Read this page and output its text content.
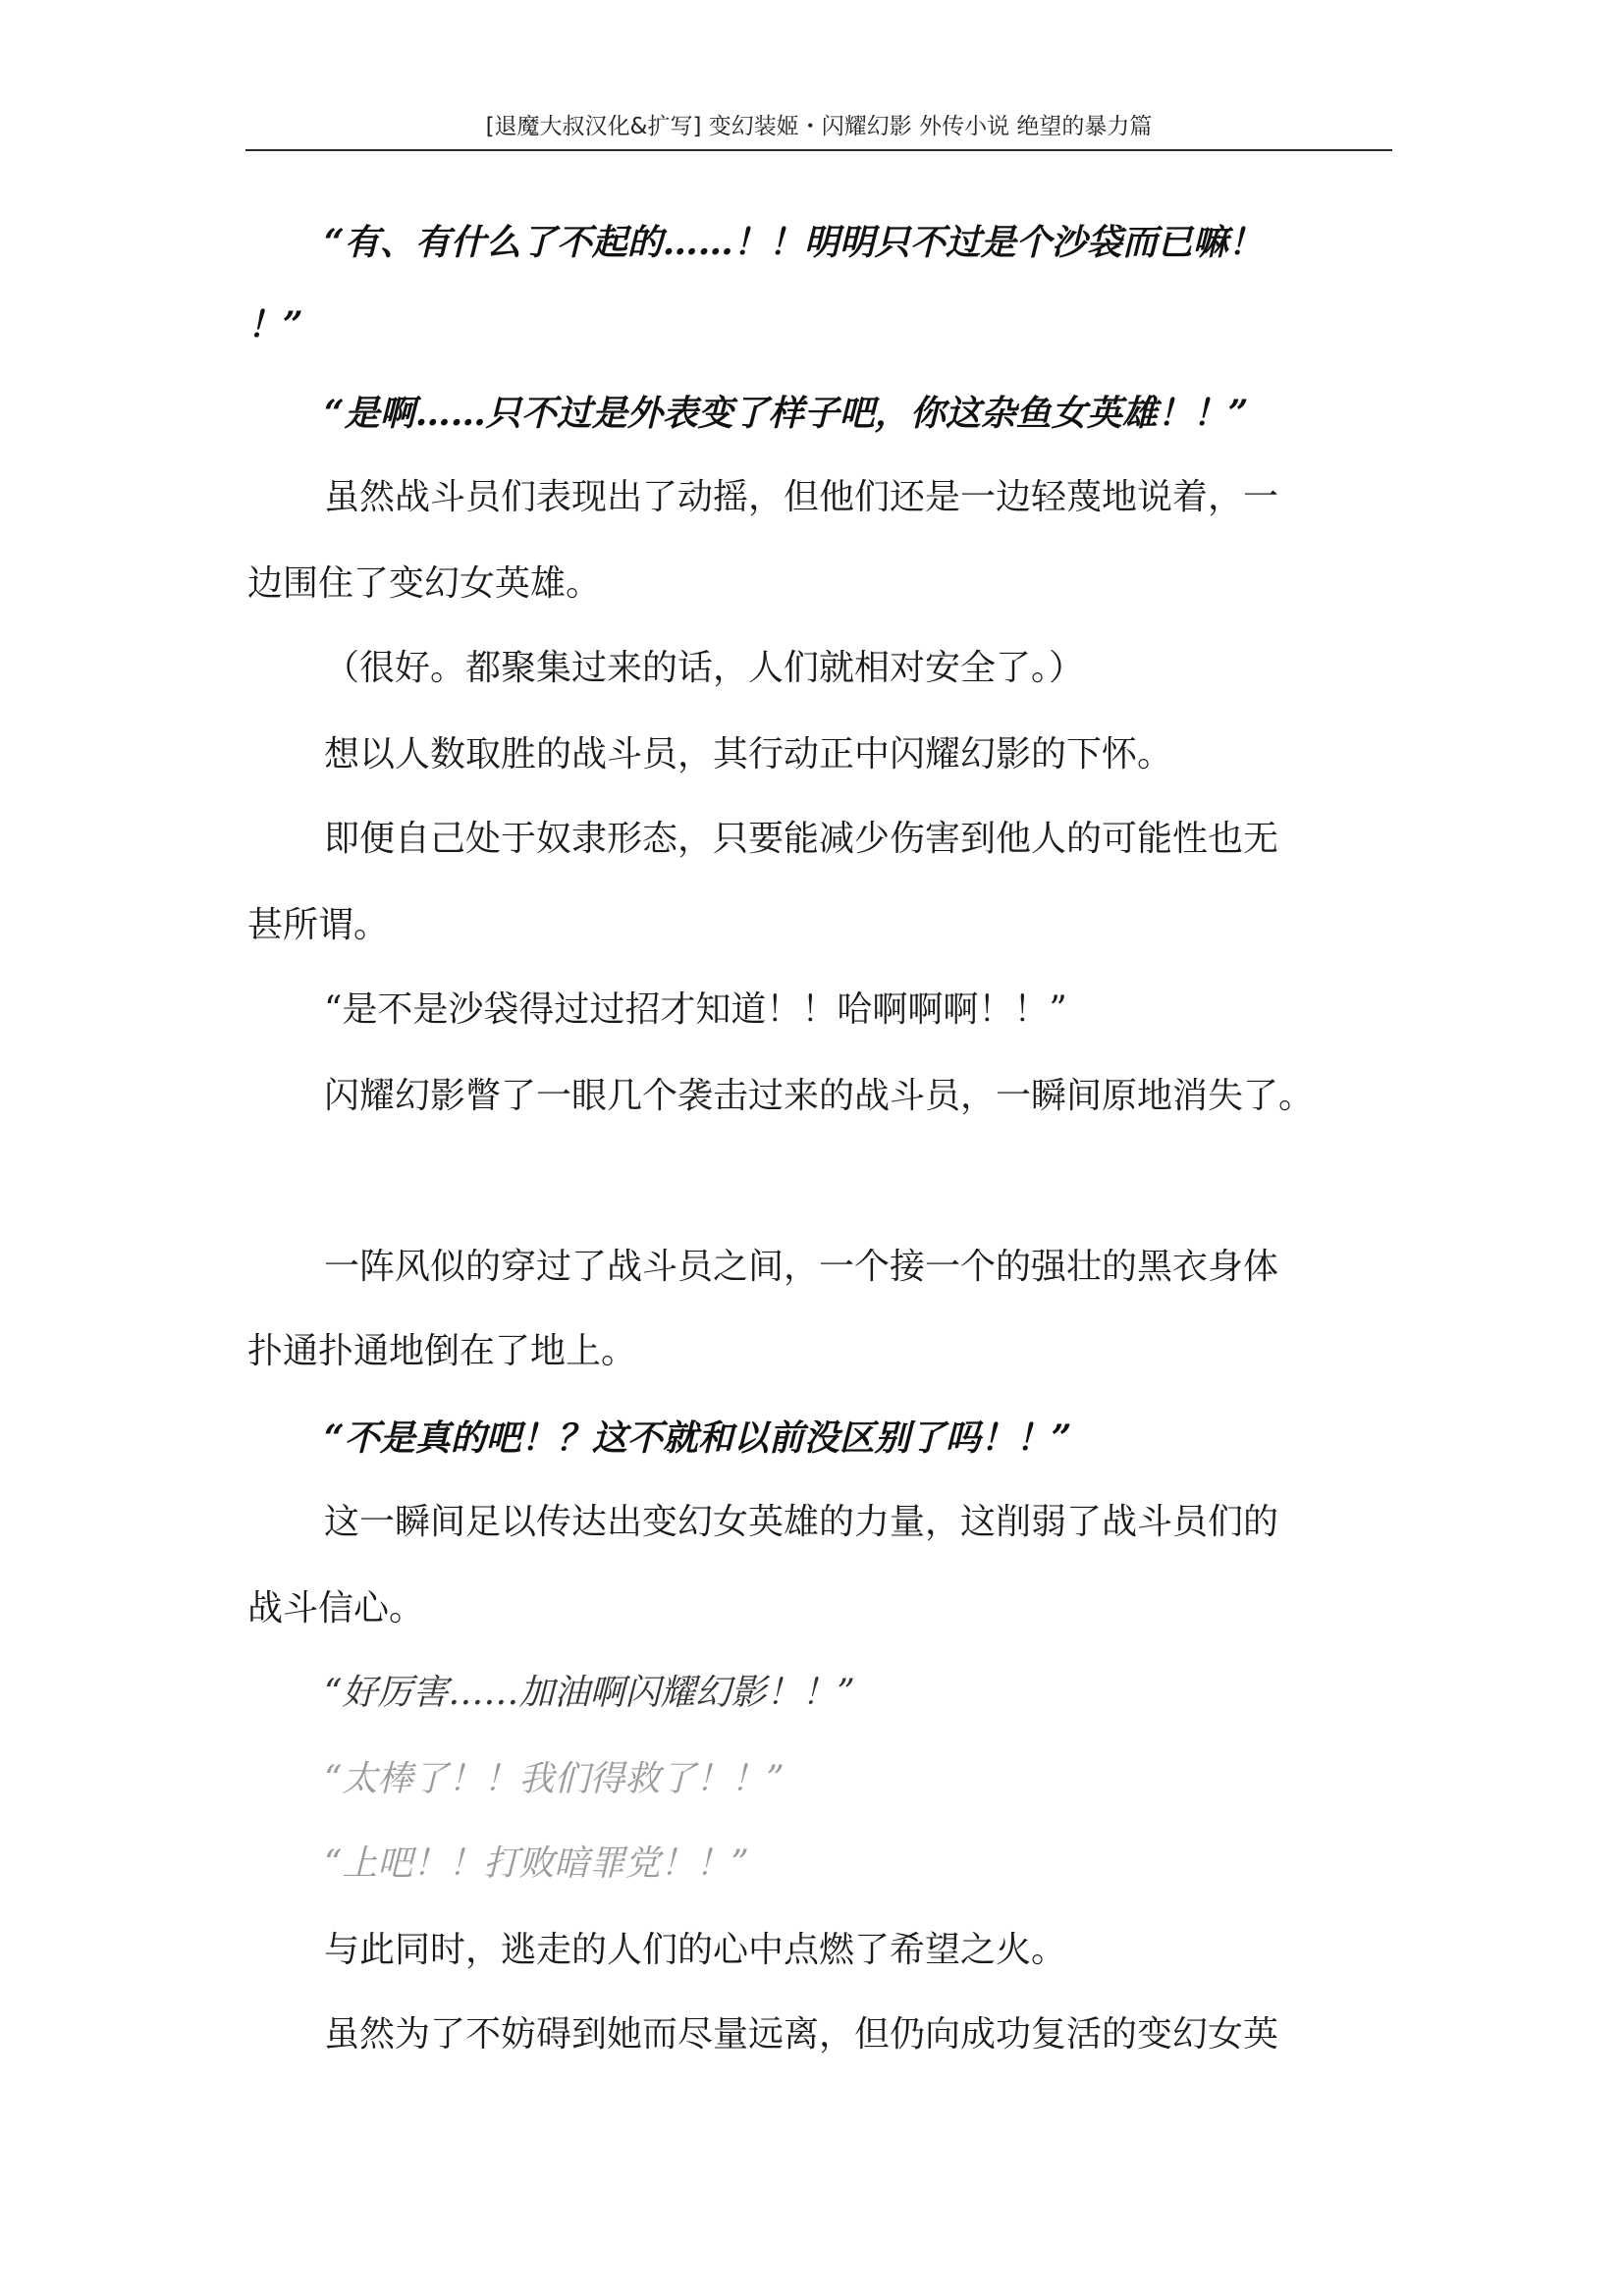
[退魔大叔汉化&扩写] 变幻装姬・闪耀幻影 外传小说 绝望的暴力篇
“有、有什么了不起的……！！明明只不过是个沙袋而已嘛！
！”
“是啊……只不过是外表变了样子吧，你这杂鱼女英雄！！”
虽然战斗员们表现出了动摇，但他们还是一边轻蔑地说着，一
边围住了变幻女英雄。
（很好。都聚集过来的话，人们就相对安全了。）
想以人数取胜的战斗员，其行动正中闪耀幻影的下怀。
即便自己处于奴隶形态，只要能减少伤害到他人的可能性也无
甚所谓。
“是不是沙袋得过过招才知道！！哈啊啊啊！！”
闪耀幻影瞥了一眼几个袭击过来的战斗员，一瞬间原地消失了。
一阵风似的穿过了战斗员之间，一个接一个的强壮的黑衣身体
扑通扑通地倒在了地上。
“不是真的吧！？这不就和以前没区别了吗！！”
这一瞬间足以传达出变幻女英雄的力量，这削弱了战斗员们的
战斗信心。
“好厉害……加油啊闪耀幻影！！”
“太棒了！！我们得救了！！”
“上吧！！打败暗罪党！！”
与此同时，逃走的人们的心中点燃了希望之火。
虽然为了不妨碍到她而尽量远离，但仍向成功复活的变幻女英
